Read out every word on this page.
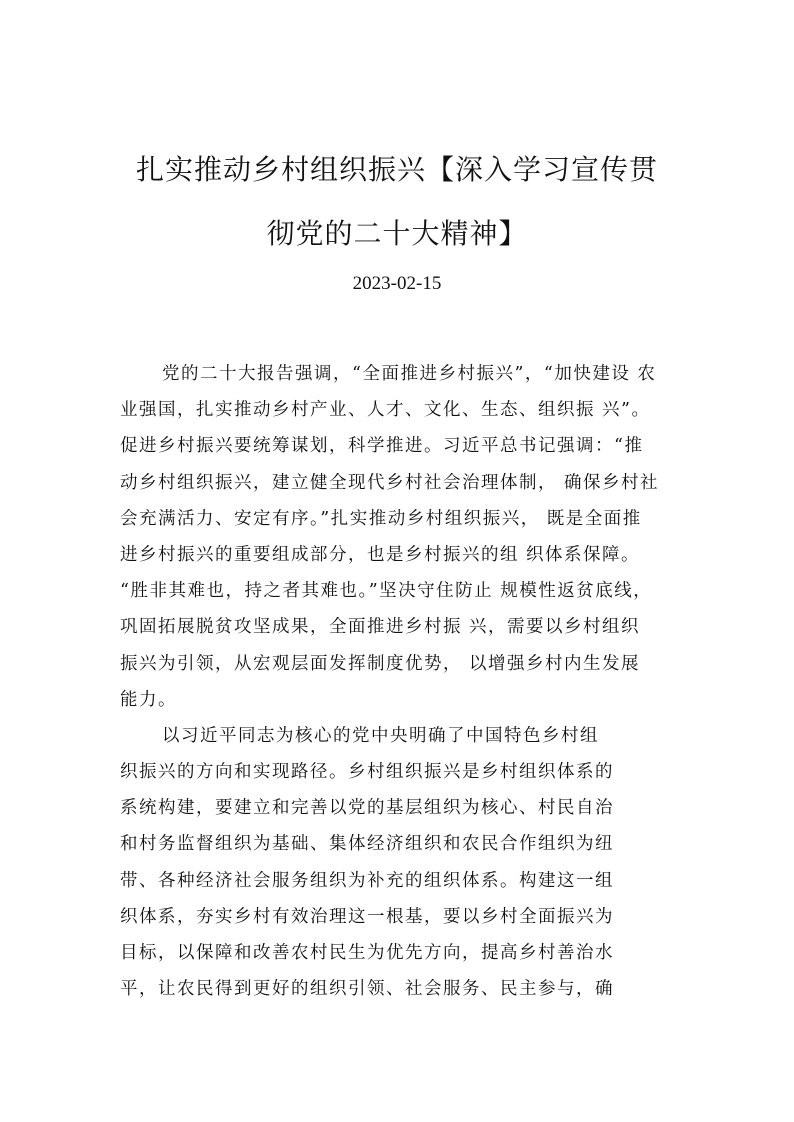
扎实推动乡村组织振兴【深入学习宣传贯
彻党的二十大精神】
2023-02-15
党的二十大报告强调，“全面推进乡村振兴”，“加快建设 农
业强国，扎实推动乡村产业、人才、文化、生态、组织振 兴”。
促进乡村振兴要统筹谋划，科学推进。习近平总书记强调：“推
动乡村组织振兴，建立健全现代乡村社会治理体制， 确保乡村社
会充满活力、安定有序。”扎实推动乡村组织振兴， 既是全面推
进乡村振兴的重要组成部分，也是乡村振兴的组 织体系保障。
“胜非其难也，持之者其难也。”坚决守住防止 规模性返贫底线，
巩固拓展脱贫攻坚成果，全面推进乡村振 兴，需要以乡村组织
振兴为引领，从宏观层面发挥制度优势， 以增强乡村内生发展
能力。
以习近平同志为核心的党中央明确了中国特色乡村组
织振兴的方向和实现路径。乡村组织振兴是乡村组织体系的
系统构建，要建立和完善以党的基层组织为核心、村民自治
和村务监督组织为基础、集体经济组织和农民合作组织为纽
带、各种经济社会服务组织为补充的组织体系。构建这一组
织体系，夯实乡村有效治理这一根基，要以乡村全面振兴为
目标，以保障和改善农村民生为优先方向，提高乡村善治水
平，让农民得到更好的组织引领、社会服务、民主参与，确
